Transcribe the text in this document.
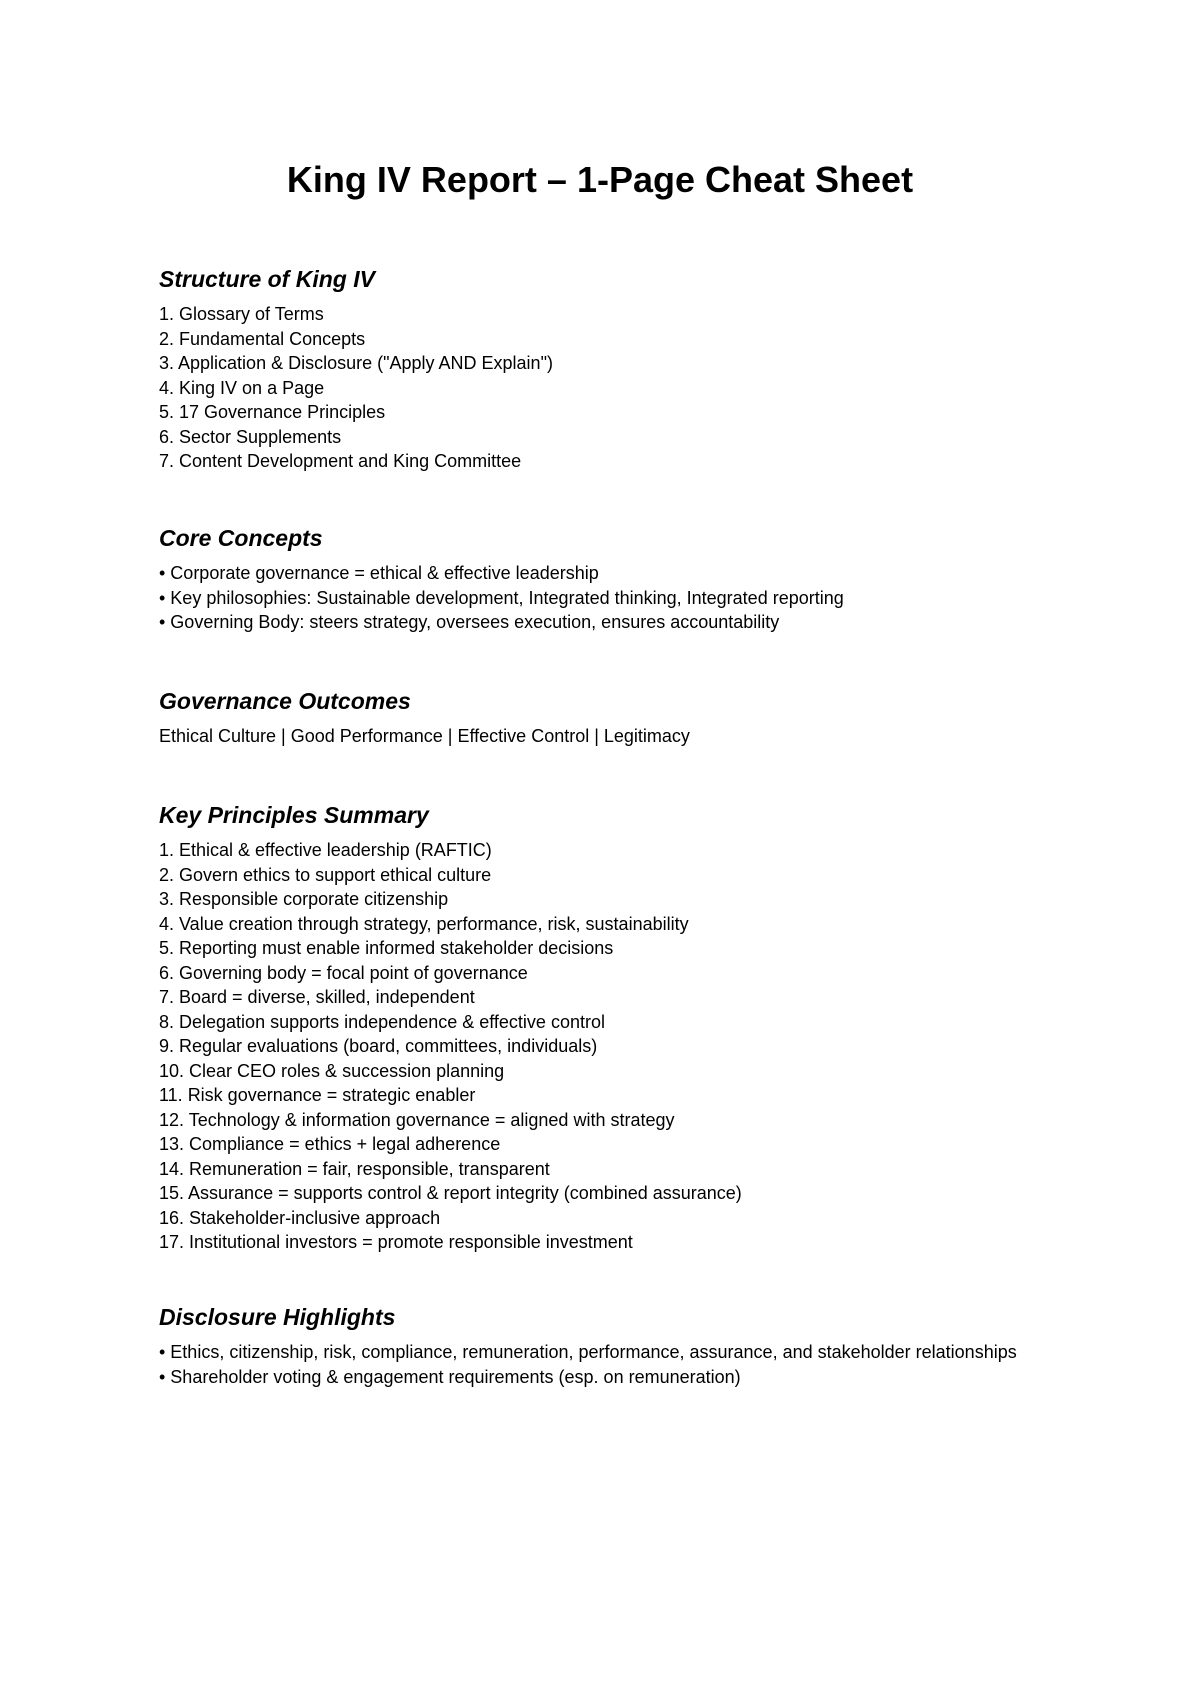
King IV Report – 1-Page Cheat Sheet
Structure of King IV
1. Glossary of Terms
2. Fundamental Concepts
3. Application & Disclosure ("Apply AND Explain")
4. King IV on a Page
5. 17 Governance Principles
6. Sector Supplements
7. Content Development and King Committee
Core Concepts
• Corporate governance = ethical & effective leadership
• Key philosophies: Sustainable development, Integrated thinking, Integrated reporting
• Governing Body: steers strategy, oversees execution, ensures accountability
Governance Outcomes
Ethical Culture | Good Performance | Effective Control | Legitimacy
Key Principles Summary
1. Ethical & effective leadership (RAFTIC)
2. Govern ethics to support ethical culture
3. Responsible corporate citizenship
4. Value creation through strategy, performance, risk, sustainability
5. Reporting must enable informed stakeholder decisions
6. Governing body = focal point of governance
7. Board = diverse, skilled, independent
8. Delegation supports independence & effective control
9. Regular evaluations (board, committees, individuals)
10. Clear CEO roles & succession planning
11. Risk governance = strategic enabler
12. Technology & information governance = aligned with strategy
13. Compliance = ethics + legal adherence
14. Remuneration = fair, responsible, transparent
15. Assurance = supports control & report integrity (combined assurance)
16. Stakeholder-inclusive approach
17. Institutional investors = promote responsible investment
Disclosure Highlights
• Ethics, citizenship, risk, compliance, remuneration, performance, assurance, and stakeholder relationships
• Shareholder voting & engagement requirements (esp. on remuneration)
